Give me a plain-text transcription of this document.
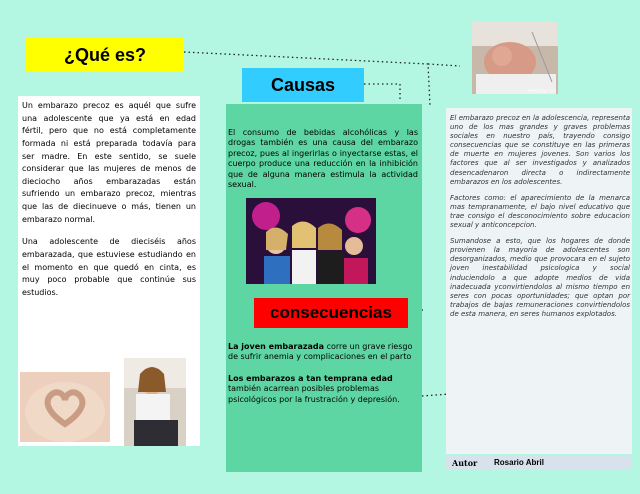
¿Qué es?

Un embarazo precoz es aquél que sufre una adolescente que ya está en edad fértil, pero que no está completamente formada ni está preparada todavía para ser madre. En este sentido, se suele considerar que las mujeres de menos de dieciocho años embarazadas están sufriendo un embarazo precoz, mientras que las de diecinueve o más, tienen un embarazo normal.

Una adolescente de dieciséis años embarazada, que estuviese estudiando en el momento en que quedó en cinta, es muy poco probable que continúe sus estudios.

Causas
El consumo de bebidas alcohólicas y las drogas también es una causa del embarazo precoz, pues al ingerirlas o inyectarse estas, el cuerpo produce una reducción en la inhibición que de alguna manera estimula la actividad sexual.
consecuencias
La joven embarazada corre un grave riesgo de sufrir anemia y complicaciones en el parto
Los embarazos a tan temprana edad también acarrean posibles problemas psicológicos por la frustración y depresión.
news.chy.rl.ua

El embarazo precoz en la adolescencia, representa uno de los mas grandes y graves problemas sociales en nuestro país, trayendo consigo consecuencias que se constituye en las primeras de muerte en mujeres jovenes. Son varios los factores que al ser investigados y analizados desencadenaron directa o indirectamente embarazos en los adolescentes.

Factores como: el aparecimiento de la menarca mas tempranamente, el bajo nivel educativo que trae consigo el desconocimiento sobre educacion sexual y anticoncepcion.

Sumandose a esto, que los hogares de donde provienen la mayoria de adolescentes son desorganizados, medio que provocara en el sujeto joven inestabilidad psicologica y social induciendolo a que adopte medios de vida inadecuada yconvirtiendolos al mismo tiempo en seres con pocas oportunidades; que optan por trabajos de bajas remuneraciones convirtiendolos de esta manera, en seres humanos explotados.

Autor Rosario Abril
